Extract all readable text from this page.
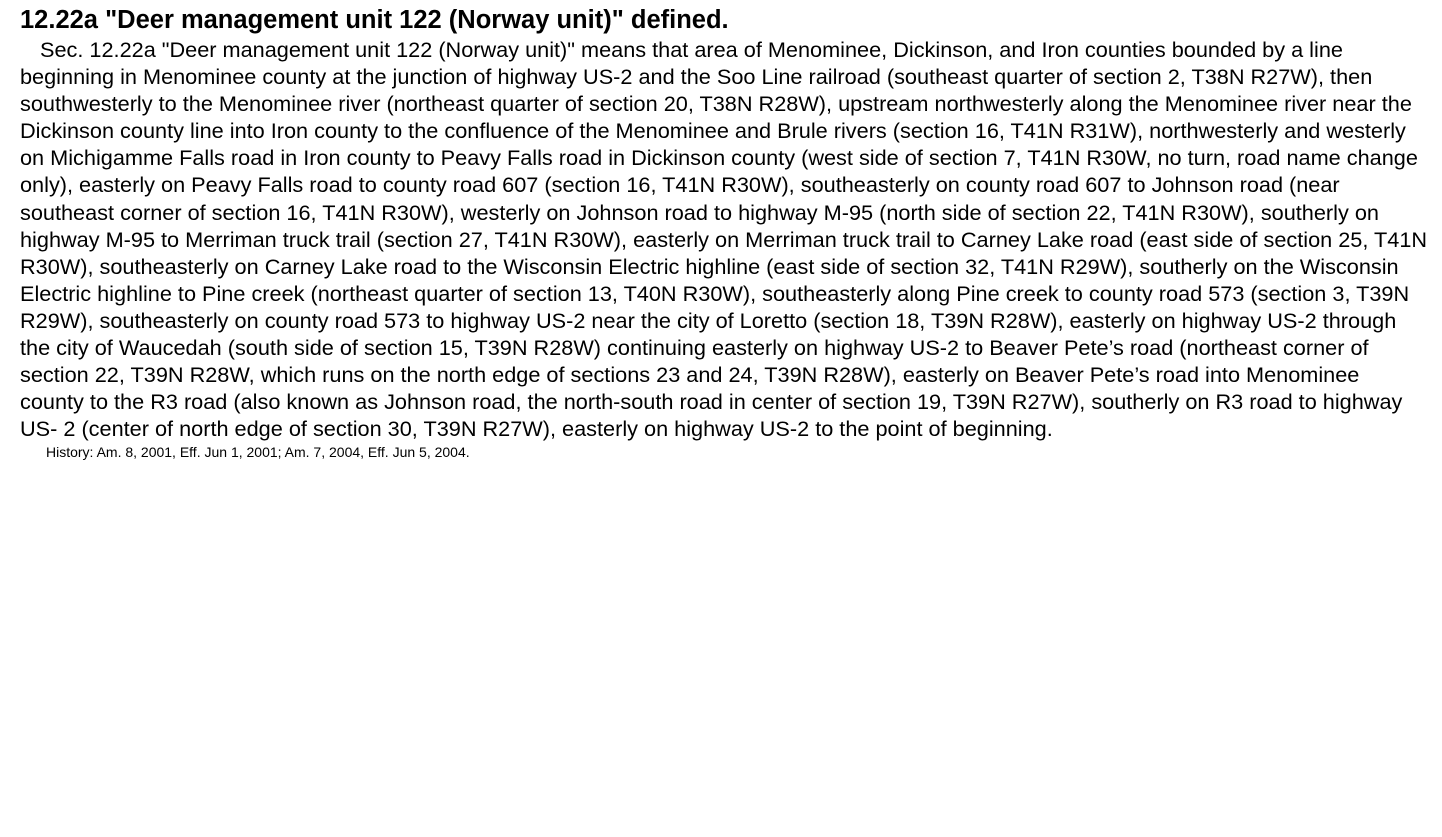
12.22a "Deer management unit 122 (Norway unit)" defined.

Sec. 12.22a "Deer management unit 122 (Norway unit)" means that area of Menominee, Dickinson, and Iron counties bounded by a line beginning in Menominee county at the junction of highway US-2 and the Soo Line railroad (southeast quarter of section 2, T38N R27W), then southwesterly to the Menominee river (northeast quarter of section 20, T38N R28W), upstream northwesterly along the Menominee river near the Dickinson county line into Iron county to the confluence of the Menominee and Brule rivers (section 16, T41N R31W), northwesterly and westerly on Michigamme Falls road in Iron county to Peavy Falls road in Dickinson county (west side of section 7, T41N R30W, no turn, road name change only), easterly on Peavy Falls road to county road 607 (section 16, T41N R30W), southeasterly on county road 607 to Johnson road (near southeast corner of section 16, T41N R30W), westerly on Johnson road to highway M-95 (north side of section 22, T41N R30W), southerly on highway M-95 to Merriman truck trail (section 27, T41N R30W), easterly on Merriman truck trail to Carney Lake road (east side of section 25, T41N R30W), southeasterly on Carney Lake road to the Wisconsin Electric highline (east side of section 32, T41N R29W), southerly on the Wisconsin Electric highline to Pine creek (northeast quarter of section 13, T40N R30W), southeasterly along Pine creek to county road 573 (section 3, T39N R29W), southeasterly on county road 573 to highway US-2 near the city of Loretto (section 18, T39N R28W), easterly on highway US-2 through the city of Waucedah (south side of section 15, T39N R28W) continuing easterly on highway US-2 to Beaver Pete’s road (northeast corner of section 22, T39N R28W, which runs on the north edge of sections 23 and 24, T39N R28W), easterly on Beaver Pete’s road into Menominee county to the R3 road (also known as Johnson road, the north-south road in center of section 19, T39N R27W), southerly on R3 road to highway US- 2 (center of north edge of section 30, T39N R27W), easterly on highway US-2 to the point of beginning.

History: Am. 8, 2001, Eff. Jun 1, 2001; Am. 7, 2004, Eff. Jun 5, 2004.
